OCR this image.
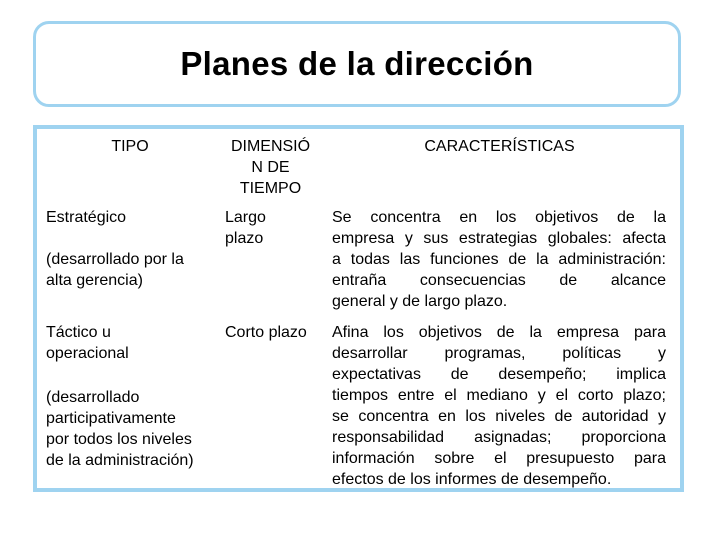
Planes de la dirección
TIPO	DIMENSIÓ
N DE
TIEMPO
CARACTERÍSTICAS
Estratégico
(desarrollado por la
alta gerencia)
Largo
plazo
Se concentra en los objetivos de la
empresa y sus estrategias globales: afecta
a todas las funciones de la administración:
entraña consecuencias de alcance
general y de largo plazo.
Táctico u
operacional
(desarrollado
participativamente
por todos los niveles
de la administración)
Corto plazo	Afina los objetivos de la empresa para
desarrollar programas, políticas y
expectativas de desempeño; implica
tiempos entre el mediano y el corto plazo;
se concentra en los niveles de autoridad y
responsabilidad asignadas; proporciona
información sobre el presupuesto para
efectos de los informes de desempeño.
